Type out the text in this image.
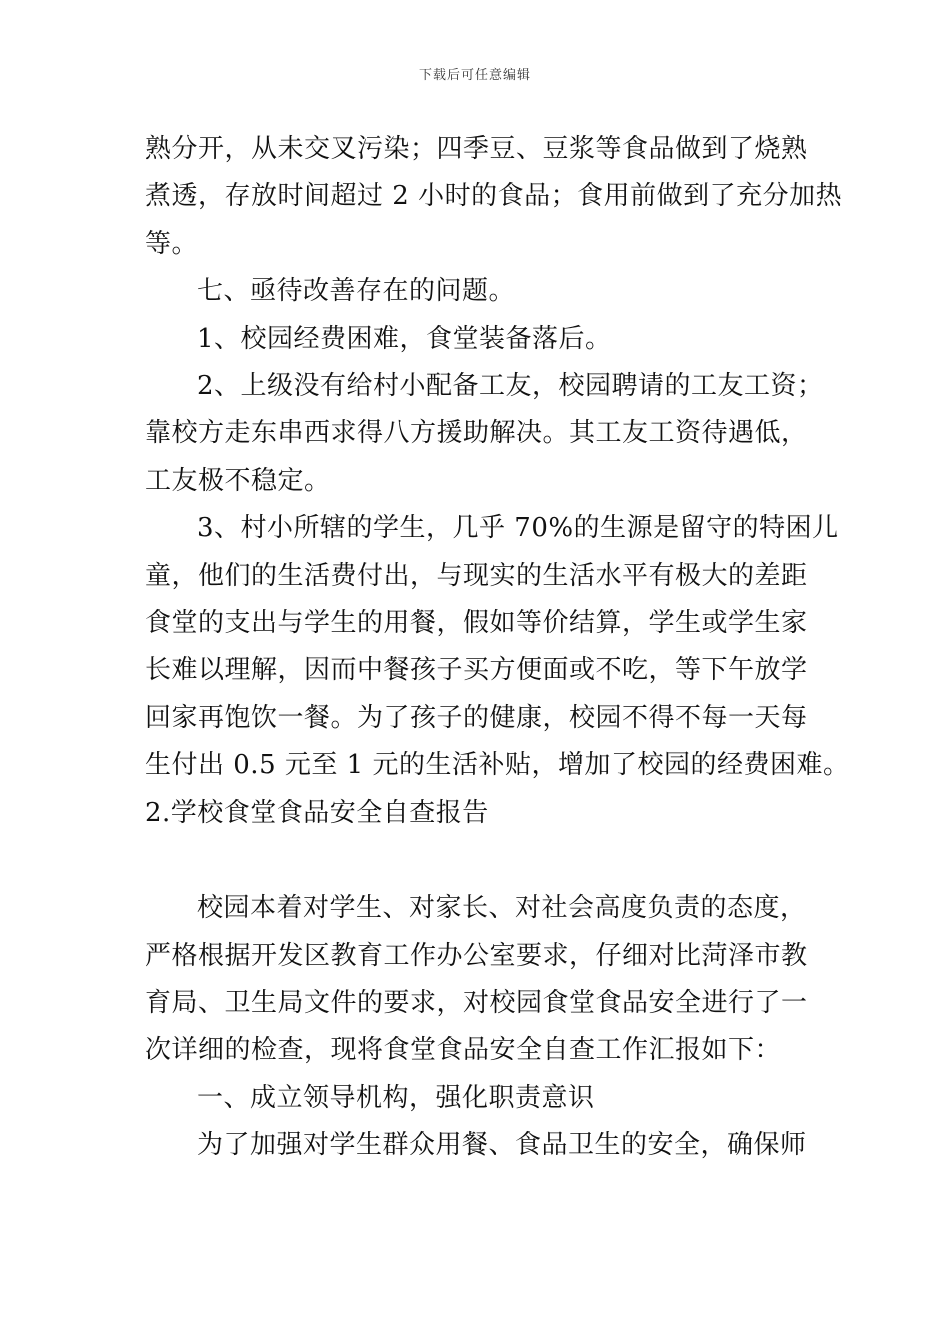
下载后可任意编辑

熟分开，从未交叉污染；四季豆、豆浆等食品做到了烧熟

煮透，存放时间超过 2 小时的食品；食用前做到了充分加热

等。

七、亟待改善存在的问题。

1、校园经费困难，食堂装备落后。

2、上级没有给村小配备工友，校园聘请的工友工资；

靠校方走东串西求得八方援助解决。其工友工资待遇低，

工友极不稳定。

3、村小所辖的学生，几乎 70%的生源是留守的特困儿

童，他们的生活费付出，与现实的生活水平有极大的差距

食堂的支出与学生的用餐，假如等价结算，学生或学生家

长难以理解，因而中餐孩子买方便面或不吃，等下午放学

回家再饱饮一餐。为了孩子的健康，校园不得不每一天每

生付出 0.5 元至 1 元的生活补贴，增加了校园的经费困难。

2.学校食堂食品安全自查报告

校园本着对学生、对家长、对社会高度负责的态度，

严格根据开发区教育工作办公室要求，仔细对比菏泽市教

育局、卫生局文件的要求，对校园食堂食品安全进行了一

次详细的检查，现将食堂食品安全自查工作汇报如下：

一、成立领导机构，强化职责意识

为了加强对学生群众用餐、食品卫生的安全，确保师
